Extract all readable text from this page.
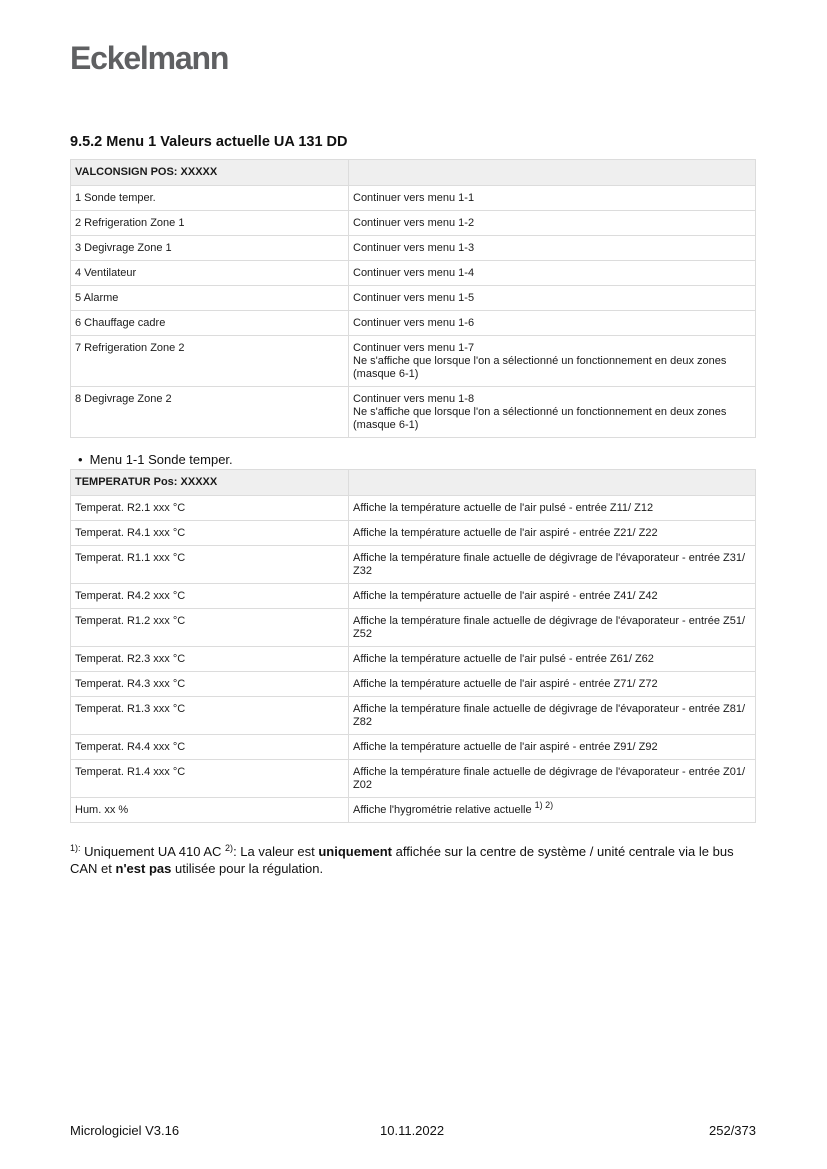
Eckelmann
9.5.2 Menu 1 Valeurs actuelle UA 131 DD
VALCONSIGN POS: XXXXX	
1 Sonde temper.	Continuer vers menu 1-1
2 Refrigeration Zone 1	Continuer vers menu 1-2
3 Degivrage Zone 1	Continuer vers menu 1-3
4 Ventilateur	Continuer vers menu 1-4
5 Alarme	Continuer vers menu 1-5
6 Chauffage cadre	Continuer vers menu 1-6
7 Refrigeration Zone 2	Continuer vers menu 1-7
Ne s'affiche que lorsque l'on a sélectionné un fonctionnement en deux zones
(masque 6-1)
8 Degivrage Zone 2	Continuer vers menu 1-8
Ne s'affiche que lorsque l'on a sélectionné un fonctionnement en deux zones
(masque 6-1)
• Menu 1-1 Sonde temper.
TEMPERATUR Pos: XXXXX	
Temperat. R2.1 xxx °C	Affiche la température actuelle de l'air pulsé - entrée Z11/ Z12
Temperat. R4.1 xxx °C	Affiche la température actuelle de l'air aspiré - entrée Z21/ Z22
Temperat. R1.1 xxx °C	Affiche la température finale actuelle de dégivrage de l'évaporateur - entrée Z31/
Z32
Temperat. R4.2 xxx °C	Affiche la température actuelle de l'air aspiré - entrée Z41/ Z42
Temperat. R1.2 xxx °C	Affiche la température finale actuelle de dégivrage de l'évaporateur - entrée Z51/
Z52
Temperat. R2.3 xxx °C	Affiche la température actuelle de l'air pulsé - entrée Z61/ Z62
Temperat. R4.3 xxx °C	Affiche la température actuelle de l'air aspiré - entrée Z71/ Z72
Temperat. R1.3 xxx °C	Affiche la température finale actuelle de dégivrage de l'évaporateur - entrée Z81/
Z82
Temperat. R4.4 xxx °C	Affiche la température actuelle de l'air aspiré - entrée Z91/ Z92
Temperat. R1.4 xxx °C	Affiche la température finale actuelle de dégivrage de l'évaporateur - entrée Z01/
Z02
Hum. xx %	Affiche l'hygrométrie relative actuelle $^{1) 2)}$
$^{1):}$ Uniquement UA 410 AC $^{2)}$: La valeur est uniquement affichée sur la centre de système / unité centrale via le bus CAN et n'est pas utilisée pour la régulation.
Micrologiciel V3.16	10.11.2022	252/373
